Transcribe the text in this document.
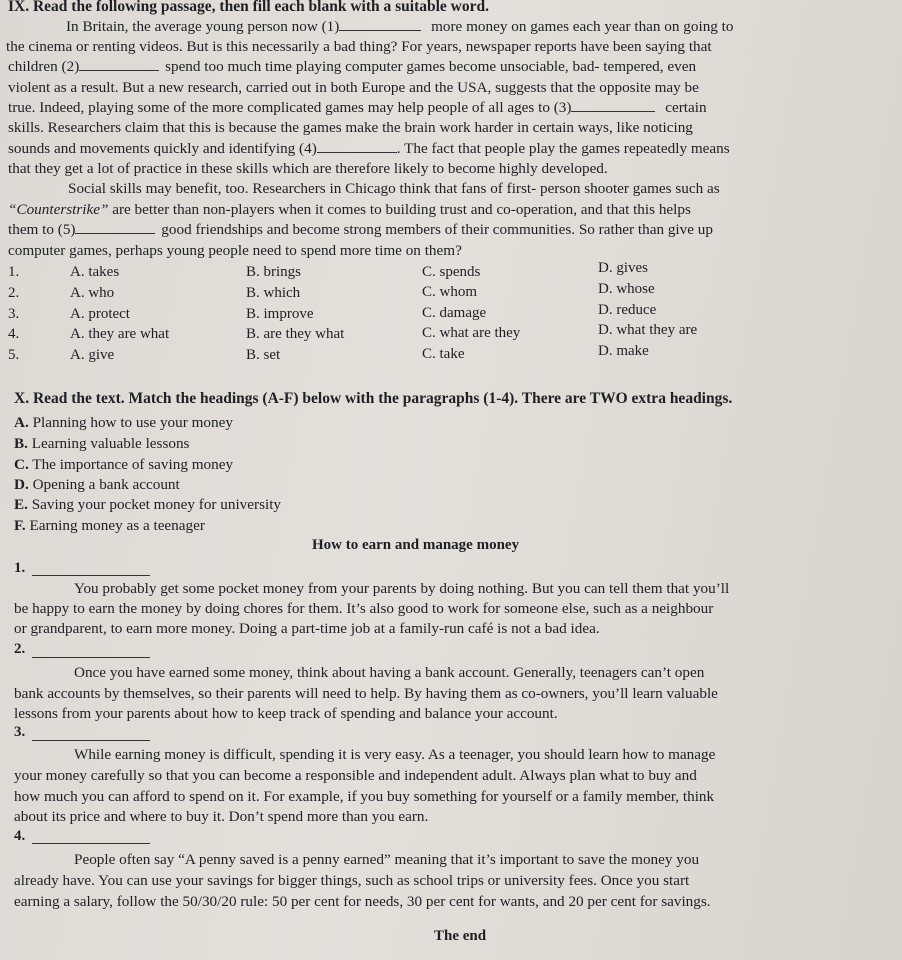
IX. Read the following passage, then fill each blank with a suitable word.
In Britain, the average young person now (1)	more money on games each year than on going to
the cinema or renting videos. But is this necessarily a bad thing? For years, newspaper reports have been saying that
children (2)	spend too much time playing computer games become unsociable, bad- tempered, even
violent as a result. But a new research, carried out in both Europe and the USA, suggests that the opposite may be
true. Indeed, playing some of the more complicated games may help people of all ages to (3)	certain
skills. Researchers claim that this is because the games make the brain work harder in certain ways, like noticing
sounds and movements quickly and identifying (4)	. The fact that people play the games repeatedly means
that they get a lot of practice in these skills which are therefore likely to become highly developed.
Social skills may benefit, too. Researchers in Chicago think that fans of first- person shooter games such as
“Counterstrike” are better than non-players when it comes to building trust and co-operation, and that this helps
them to (5)	good friendships and become strong members of their communities. So rather than give up
computer games, perhaps young people need to spend more time on them?
1.	A. takes	B. brings	C. spends	D. gives
2.	A. who	B. which	C. whom	D. whose
3.	A. protect	B. improve	C. damage	D. reduce
4.	A. they are what	B. are they what	C. what are they	D. what they are
5.	A. give	B. set	C. take	D. make
X. Read the text. Match the headings (A-F) below with the paragraphs (1-4). There are TWO extra headings.
A. Planning how to use your money
B. Learning valuable lessons
C. The importance of saving money
D. Opening a bank account
E. Saving your pocket money for university
F. Earning money as a teenager
How to earn and manage money
1.
You probably get some pocket money from your parents by doing nothing. But you can tell them that you’ll
be happy to earn the money by doing chores for them. It’s also good to work for someone else, such as a neighbour
or grandparent, to earn more money. Doing a part-time job at a family-run café is not a bad idea.
2.
Once you have earned some money, think about having a bank account. Generally, teenagers can’t open
bank accounts by themselves, so their parents will need to help. By having them as co-owners, you’ll learn valuable
lessons from your parents about how to keep track of spending and balance your account.
3.
While earning money is difficult, spending it is very easy. As a teenager, you should learn how to manage
your money carefully so that you can become a responsible and independent adult. Always plan what to buy and
how much you can afford to spend on it. For example, if you buy something for yourself or a family member, think
about its price and where to buy it. Don’t spend more than you earn.
4.
People often say “A penny saved is a penny earned” meaning that it’s important to save the money you
already have. You can use your savings for bigger things, such as school trips or university fees. Once you start
earning a salary, follow the 50/30/20 rule: 50 per cent for needs, 30 per cent for wants, and 20 per cent for savings.
The end
